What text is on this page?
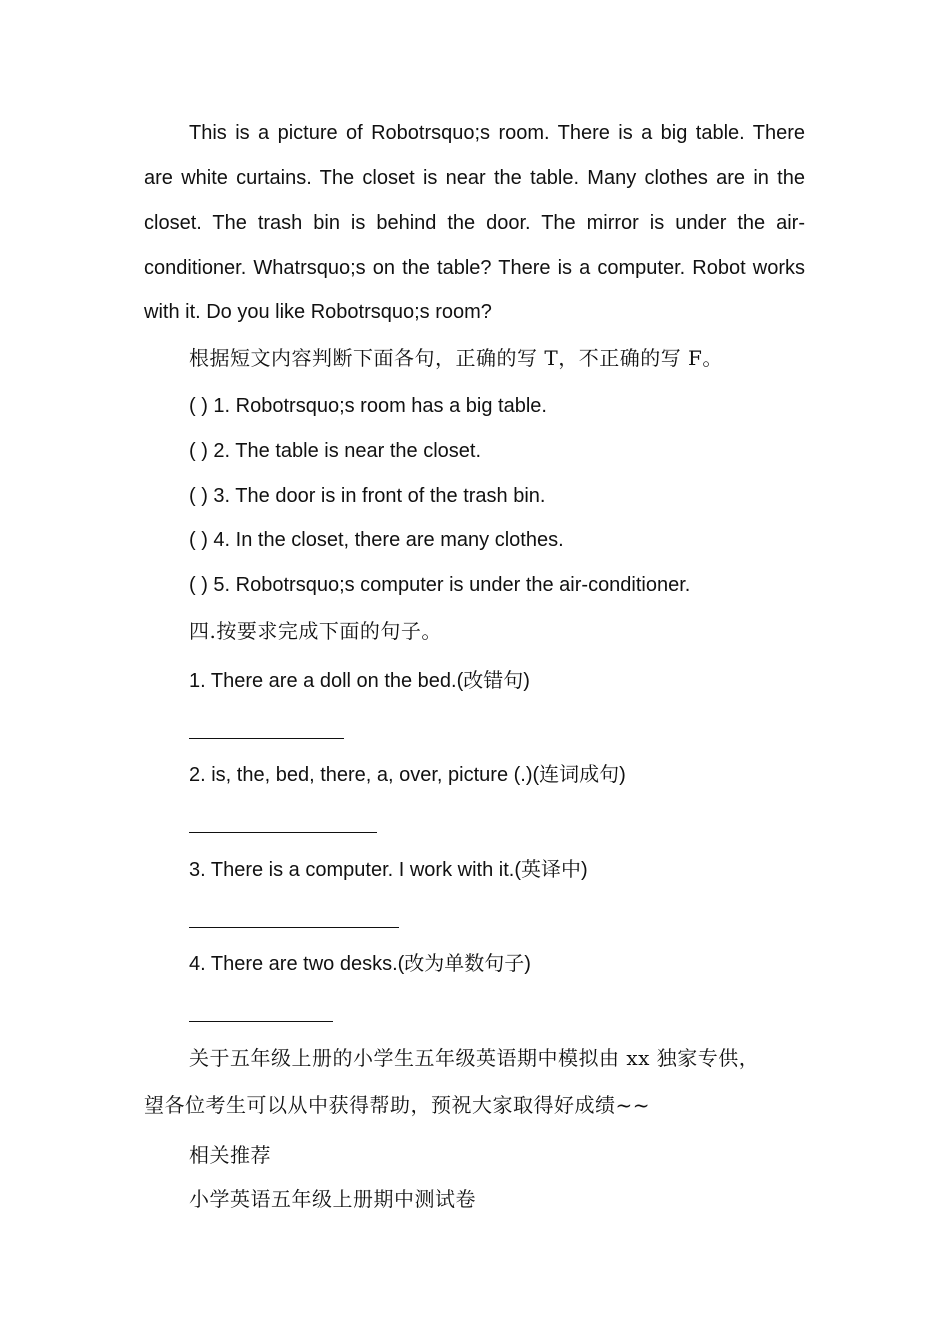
This is a picture of Robotrsquo;s room. There is a big table. There
are white curtains. The closet is near the table. Many clothes are in the
closet. The trash bin is behind the door. The mirror is under the air-
conditioner. Whatrsquo;s on the table? There is a computer. Robot works
with it. Do you like Robotrsquo;s room?
根据短文内容判断下面各句，正确的写 T，不正确的写 F。
( ) 1. Robotrsquo;s room has a big table.
( ) 2. The table is near the closet.
( ) 3. The door is in front of the trash bin.
( ) 4. In the closet, there are many clothes.
( ) 5. Robotrsquo;s computer is under the air-conditioner.
四.按要求完成下面的句子。
1. There are a doll on the bed.(改错句)
2. is, the, bed, there, a, over, picture (.)(连词成句)
3. There is a computer. I work with it.(英译中)
4. There are two desks.(改为单数句子)
关于五年级上册的小学生五年级英语期中模拟由 xx 独家专供，
望各位考生可以从中获得帮助，预祝大家取得好成绩~~
相关推荐
小学英语五年级上册期中测试卷
